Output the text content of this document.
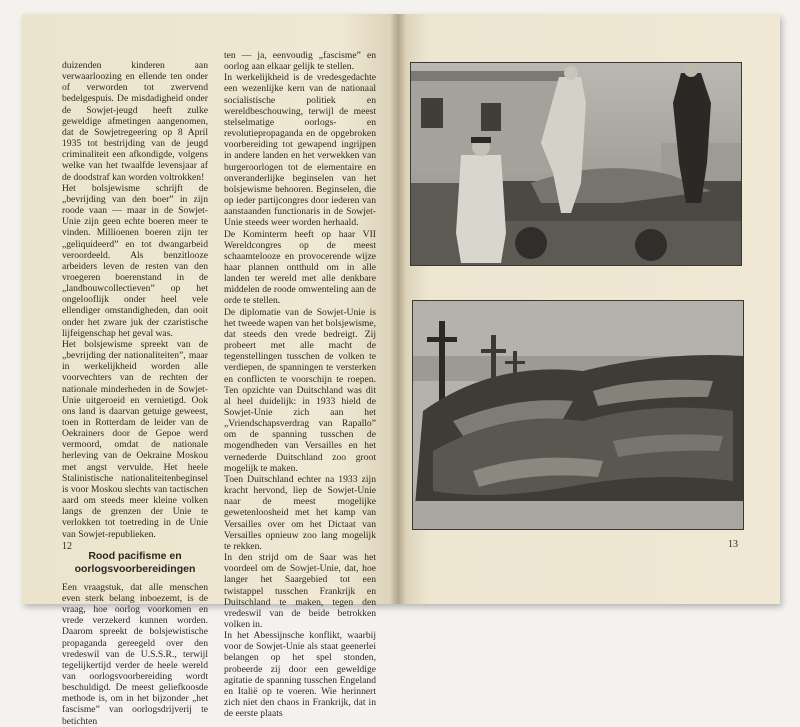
duizenden kinderen aan verwaarloozing en ellende ten onder of verworden tot zwervend bedelgespuis. De misdadigheid onder de Sowjet-jeugd heeft zulke geweldige afmetingen aangenomen, dat de Sowjetregeering op 8 April 1935 tot bestrijding van de jeugd criminaliteit een afkondigde, volgens welke van het twaalfde levensjaar af de doodstraf kan worden voltrokken!

Het bolsjewisme schrijft de „bevrijding van den boer” in zijn roode vaan — maar in de Sowjet-Unie zijn geen echte boeren meer te vinden. Millioenen boeren zijn ter „geliquideerd” en tot dwangarbeid veroordeeld. Als benzitlooze arbeiders leven de resten van den vroegeren boerenstand in de „landbouwcollectieven” op het ongelooflijk onder heel vele ellendiger omstandigheden, dan ooit onder het zware juk der czaristische lijfeigenschap het geval was.

Het bolsjewisme spreekt van de „bevrijding der nationaliteiten”, maar in werkelijkheid worden alle voorvechters van de rechten der nationale minderheden in de Sowjet-Unie uitgeroeid en vernietigd. Ook ons land is daarvan getuige geweest, toen in Rotterdam de leider van de Oekrainers door de Gepoe werd vermoord, omdat de nationale herleving van de Oekraine Moskou met angst vervulde. Het heele Stalinistische nationaliteitenbeginsel is voor Moskou slechts van tactischen aard om steeds meer kleine volken langs de grenzen der Unie te verlokken tot toetreding in de Unie van Sowjet-republieken.

Rood pacifisme en oorlogsvoorbereidingen

Een vraagstuk, dat alle menschen even sterk belang inboezemt, is de vraag, hoe oorlog voorkomen en vrede verzekerd kunnen worden. Daarom spreekt de bolsjewistische propaganda gereegeld over den vredeswil van de U.S.S.R., terwijl tegelijkertijd verder de heele wereld van oorlogsvoorbereiding wordt beschuldigd. De meest geliefkoosde methode is, om in het bijzonder „het fascisme” van oorlogsdrijverij te betichten

ten — ja, eenvoudig „fascisme” en oorlog aan elkaar gelijk te stellen.

In werkelijkheid is de vredesgedachte een wezenlijke kern van de nationaal socialistische politiek en wereldbeschouwing, terwijl de meest stelselmatige oorlogs- en revolutiepropaganda en de opgebroken voorbereiding tot gewapend ingrijpen in andere landen en het verwekken van burgeroorlogen tot de elementaire en onveranderlijke beginselen van het bolsjewisme behooren. Beginselen, die op ieder partijcongres door iederen van aanstaanden functionaris in de Sowjet-Unie steeds weer worden herhaald.

De Kominterm heeft op haar VII Wereldcongres op de meest schaamtelooze en provocerende wijze haar plannen ontthuld om in alle landen ter wereld met alle denkbare middelen de roode omwenteling aan de orde te stellen.

De diplomatie van de Sowjet-Unie is het tweede wapen van het bolsjewisme, dat steeds den vrede bedreigt. Zij probeert met alle macht de tegenstellingen tusschen de volken te verdiepen, de spanningen te versterken en conflicten te voorschijn te roepen. Ten opzichte van Duitschland was dit al heel duidelijk: in 1933 hield de Sowjet-Unie zich aan het „Vriendschapsverdrag van Rapallo” om de spanning tusschen de mogendheden van Versailles en het vernederde Duitschland zoo groot mogelijk te maken.

Toen Duitschland echter na 1933 zijn kracht hervond, liep de Sowjet-Unie naar de meest mogelijke gewetenloosheid met het kamp van Versailles over om het Dictaat van Versailles opnieuw zoo lang mogelijk te rekken.

In den strijd om de Saar was het voordeel om de Sowjet-Unie, dat, hoe langer het Saargebied tot een twistappel tusschen Frankrijk en Duitschland te maken, tegen den vredeswil van de beide betrokken volken in.

In het Abessijnsche konflikt, waarbij voor de Sowjet-Unie als staat geenerlei belangen op het spel stonden, probeerde zij door een geweldige agitatie de spanning tusschen Engeland en Italië op te voeren. Wie herinnert zich niet den chaos in Frankrijk, dat in de eerste plaats

12	13
